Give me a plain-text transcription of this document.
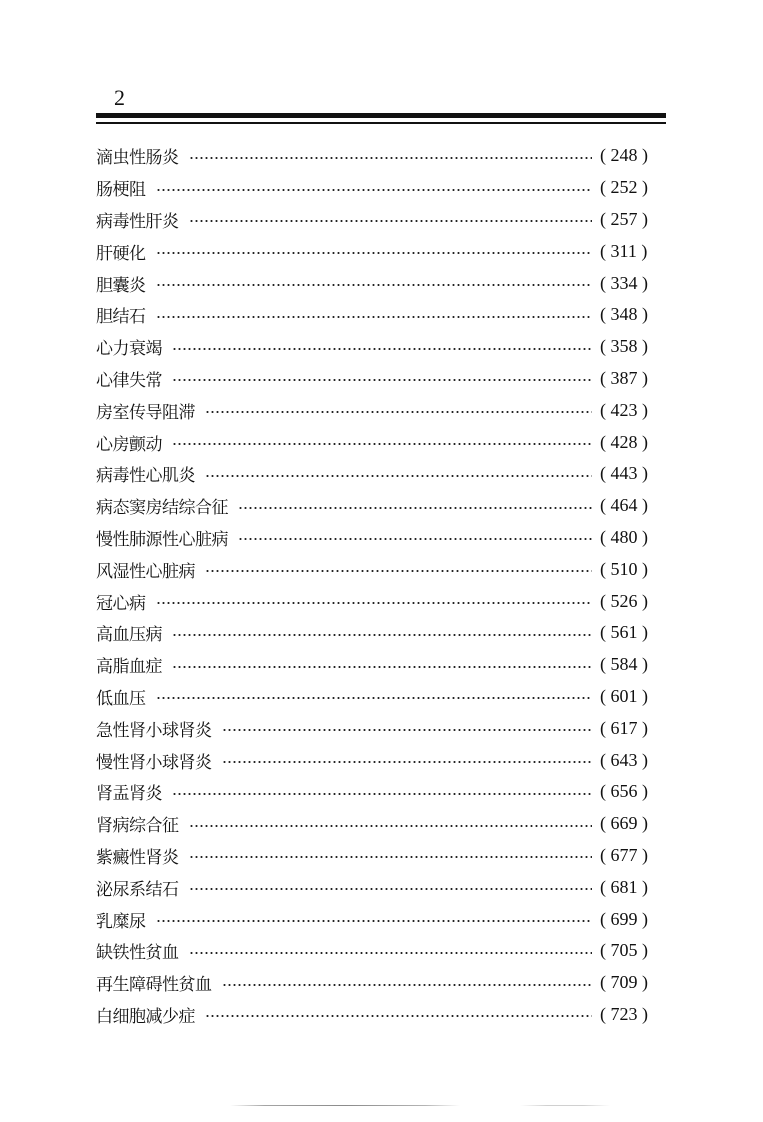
2
滴虫性肠炎	( 248 )
肠梗阻	( 252 )
病毒性肝炎	( 257 )
肝硬化	( 311 )
胆囊炎	( 334 )
胆结石	( 348 )
心力衰竭	( 358 )
心律失常	( 387 )
房室传导阻滞	( 423 )
心房颤动	( 428 )
病毒性心肌炎	( 443 )
病态窦房结综合征	( 464 )
慢性肺源性心脏病	( 480 )
风湿性心脏病	( 510 )
冠心病	( 526 )
高血压病	( 561 )
高脂血症	( 584 )
低血压	( 601 )
急性肾小球肾炎	( 617 )
慢性肾小球肾炎	( 643 )
肾盂肾炎	( 656 )
肾病综合征	( 669 )
紫癜性肾炎	( 677 )
泌尿系结石	( 681 )
乳糜尿	( 699 )
缺铁性贫血	( 705 )
再生障碍性贫血	( 709 )
白细胞减少症	( 723 )
